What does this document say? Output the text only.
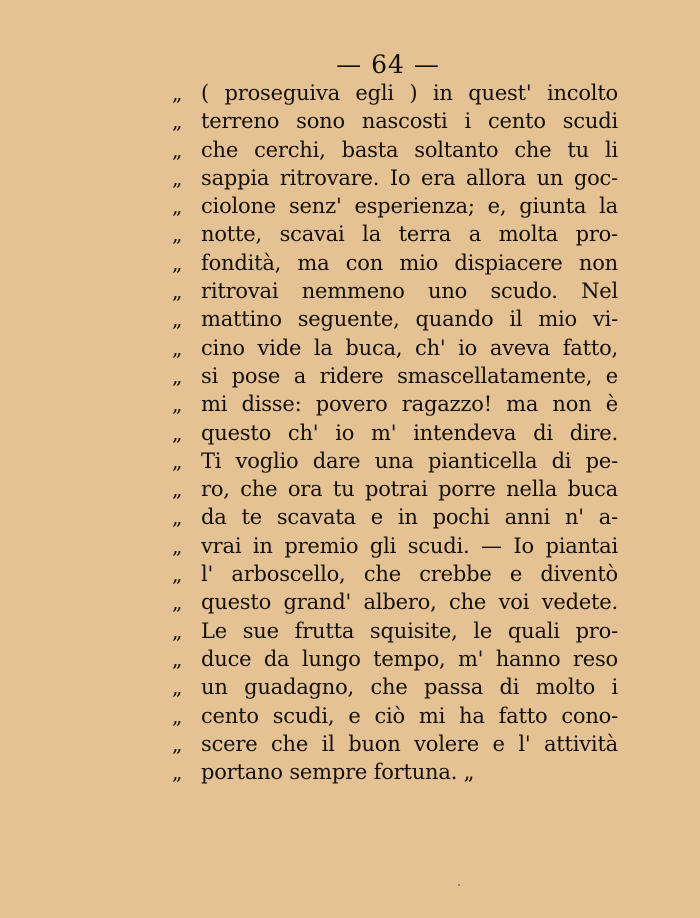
— 64 —
„ ( proseguiva egli ) in quest' incolto
„ terreno sono nascosti i cento scudi
„ che cerchi, basta soltanto che tu li
„ sappia ritrovare. Io era allora un goc-
„ ciolone senz' esperienza; e, giunta la
„ notte, scavai la terra a molta pro-
„ fondità, ma con mio dispiacere non
„ ritrovai nemmeno uno scudo. Nel
„ mattino seguente, quando il mio vi-
„ cino vide la buca, ch' io aveva fatto,
„ si pose a ridere smascellatamente, e
„ mi disse: povero ragazzo! ma non è
„ questo ch' io m' intendeva di dire.
„ Ti voglio dare una pianticella di pe-
„ ro, che ora tu potrai porre nella buca
„ da te scavata e in pochi anni n' a-
„ vrai in premio gli scudi. — Io piantai
„ l' arboscello, che crebbe e diventò
„ questo grand' albero, che voi vedete.
„ Le sue frutta squisite, le quali pro-
„ duce da lungo tempo, m' hanno reso
„ un guadagno, che passa di molto i
„ cento scudi, e ciò mi ha fatto cono-
„ scere che il buon volere e l' attività
„ portano sempre fortuna. „
